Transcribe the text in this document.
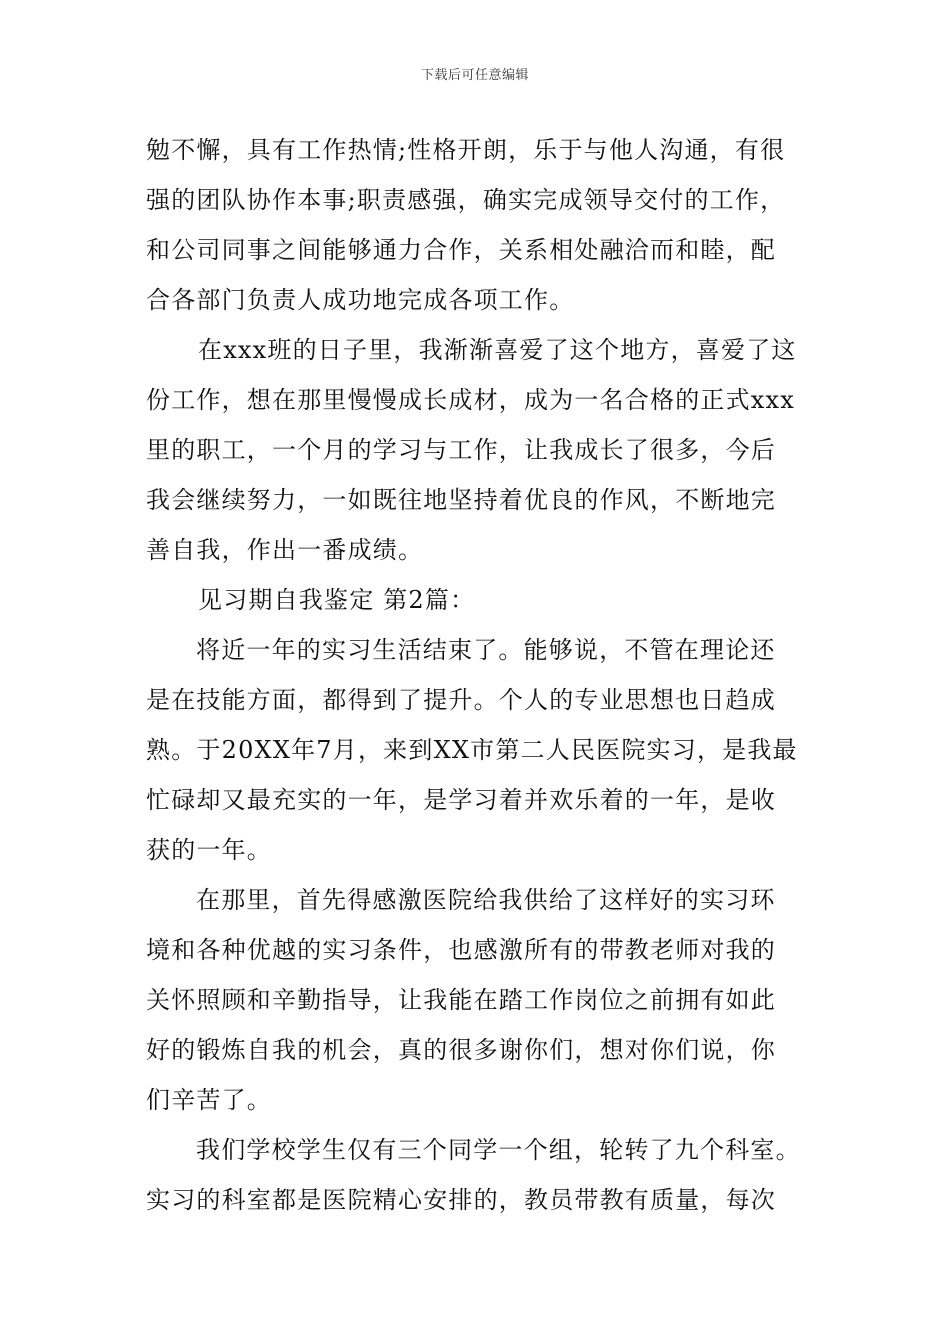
下载后可任意编辑
勉不懈，具有工作热情;性格开朗，乐于与他人沟通，有很
强的团队协作本事;职责感强，确实完成领导交付的工作，
和公司同事之间能够通力合作，关系相处融洽而和睦，配
合各部门负责人成功地完成各项工作。
在xxx班的日子里，我渐渐喜爱了这个地方，喜爱了这
份工作，想在那里慢慢成长成材，成为一名合格的正式xxx
里的职工，一个月的学习与工作，让我成长了很多，今后
我会继续努力，一如既往地坚持着优良的作风，不断地完
善自我，作出一番成绩。
见习期自我鉴定 第2篇：
将近一年的实习生活结束了。能够说，不管在理论还
是在技能方面，都得到了提升。个人的专业思想也日趋成
熟。于20XX年7月，来到XX市第二人民医院实习，是我最
忙碌却又最充实的一年，是学习着并欢乐着的一年，是收
获的一年。
在那里，首先得感激医院给我供给了这样好的实习环
境和各种优越的实习条件，也感激所有的带教老师对我的
关怀照顾和辛勤指导，让我能在踏工作岗位之前拥有如此
好的锻炼自我的机会，真的很多谢你们，想对你们说，你
们辛苦了。
我们学校学生仅有三个同学一个组，轮转了九个科室。
实习的科室都是医院精心安排的，教员带教有质量，每次
